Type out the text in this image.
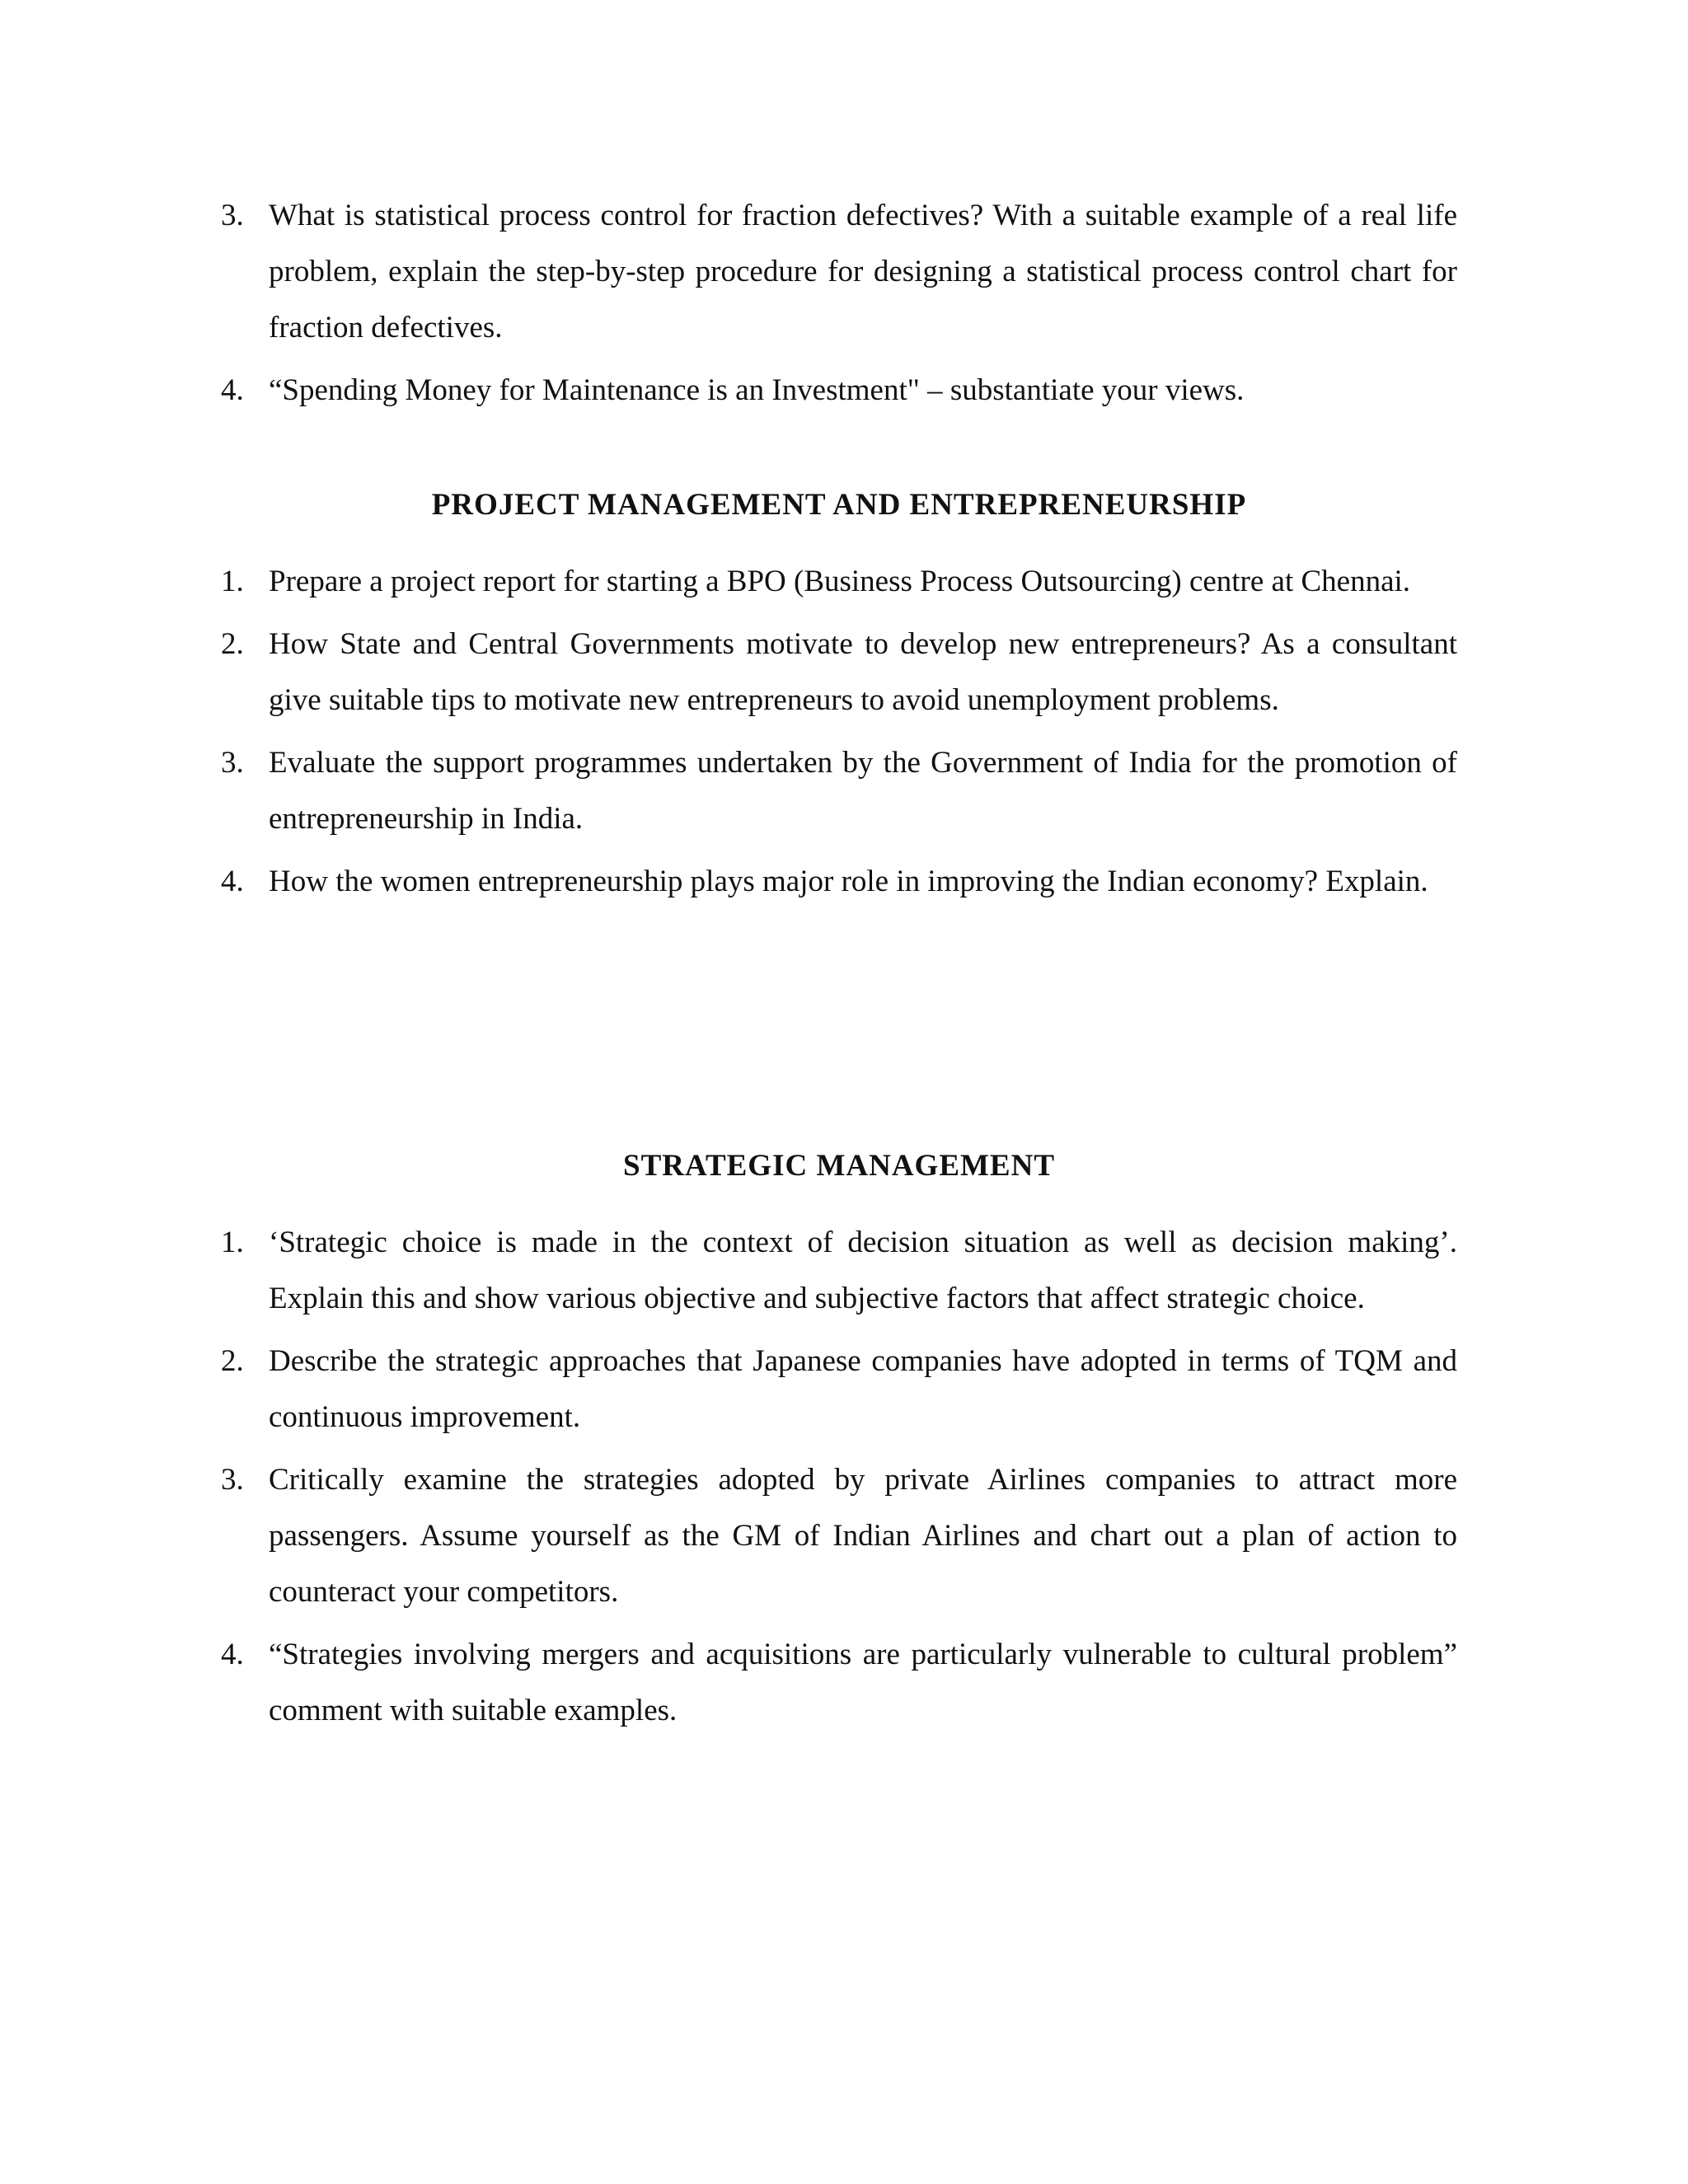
3. What is statistical process control for fraction defectives? With a suitable example of a real life problem, explain the step-by-step procedure for designing a statistical process control chart for fraction defectives.
4. “Spending Money for Maintenance is an Investment" – substantiate your views.
PROJECT MANAGEMENT AND ENTREPRENEURSHIP
1. Prepare a project report for starting a BPO (Business Process Outsourcing) centre at Chennai.
2. How State and Central Governments motivate to develop new entrepreneurs? As a consultant give suitable tips to motivate new entrepreneurs to avoid unemployment problems.
3. Evaluate the support programmes undertaken by the Government of India for the promotion of entrepreneurship in India.
4. How the women entrepreneurship plays major role in improving the Indian economy? Explain.
STRATEGIC MANAGEMENT
1. ‘Strategic choice is made in the context of decision situation as well as decision making’. Explain this and show various objective and subjective factors that affect strategic choice.
2. Describe the strategic approaches that Japanese companies have adopted in terms of TQM and continuous improvement.
3. Critically examine the strategies adopted by private Airlines companies to attract more passengers. Assume yourself as the GM of Indian Airlines and chart out a plan of action to counteract your competitors.
4. “Strategies involving mergers and acquisitions are particularly vulnerable to cultural problem” comment with suitable examples.
